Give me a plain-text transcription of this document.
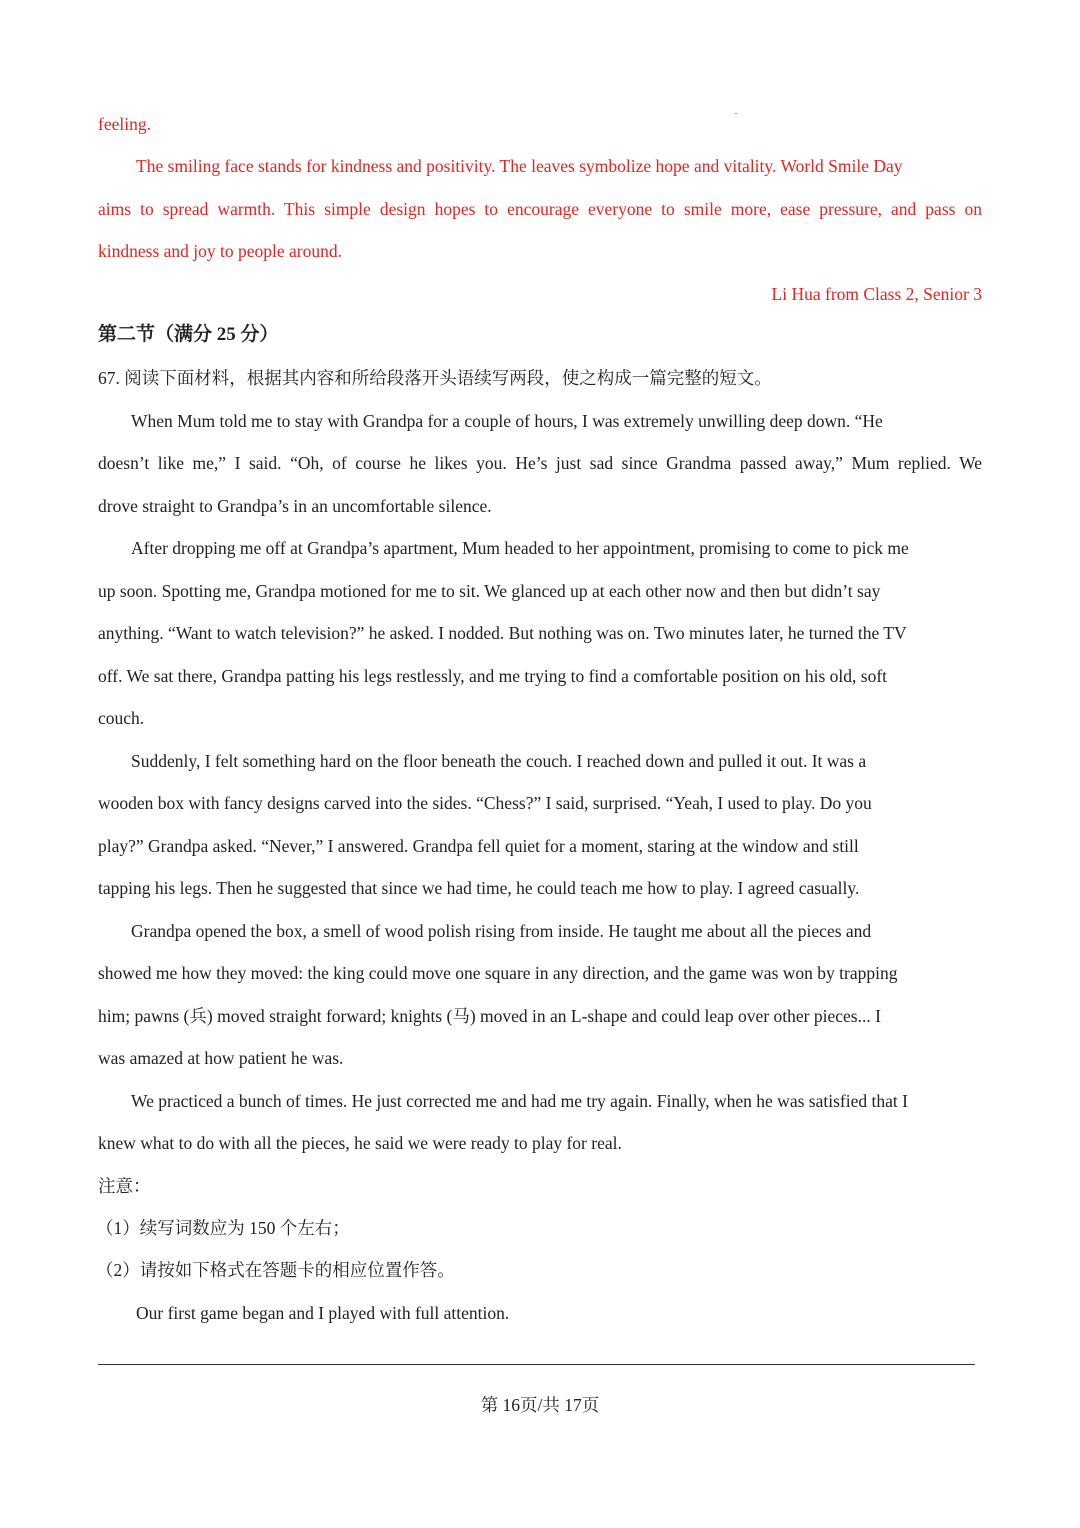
feeling.
The smiling face stands for kindness and positivity. The leaves symbolize hope and vitality. World Smile Day
aims to spread warmth. This simple design hopes to encourage everyone to smile more, ease pressure, and pass on
kindness and joy to people around.
Li Hua from Class 2, Senior 3
第二节（满分 25 分）
67. 阅读下面材料，根据其内容和所给段落开头语续写两段，使之构成一篇完整的短文。
When Mum told me to stay with Grandpa for a couple of hours, I was extremely unwilling deep down. “He
doesn’t like me,” I said. “Oh, of course he likes you. He’s just sad since Grandma passed away,” Mum replied. We
drove straight to Grandpa’s in an uncomfortable silence.
After dropping me off at Grandpa’s apartment, Mum headed to her appointment, promising to come to pick me
up soon. Spotting me, Grandpa motioned for me to sit. We glanced up at each other now and then but didn’t say
anything. “Want to watch television?” he asked. I nodded. But nothing was on. Two minutes later, he turned the TV
off. We sat there, Grandpa patting his legs restlessly, and me trying to find a comfortable position on his old, soft
couch.
Suddenly, I felt something hard on the floor beneath the couch. I reached down and pulled it out. It was a
wooden box with fancy designs carved into the sides. “Chess?” I said, surprised. “Yeah, I used to play. Do you
play?” Grandpa asked. “Never,” I answered. Grandpa fell quiet for a moment, staring at the window and still
tapping his legs. Then he suggested that since we had time, he could teach me how to play. I agreed casually.
Grandpa opened the box, a smell of wood polish rising from inside. He taught me about all the pieces and
showed me how they moved: the king could move one square in any direction, and the game was won by trapping
him; pawns (兵) moved straight forward; knights (马) moved in an L-shape and could leap over other pieces... I
was amazed at how patient he was.
We practiced a bunch of times. He just corrected me and had me try again. Finally, when he was satisfied that I
knew what to do with all the pieces, he said we were ready to play for real.
注意：
（1）续写词数应为 150 个左右；
（2）请按如下格式在答题卡的相应位置作答。
Our first game began and I played with full attention.
第 16页/共 17页
